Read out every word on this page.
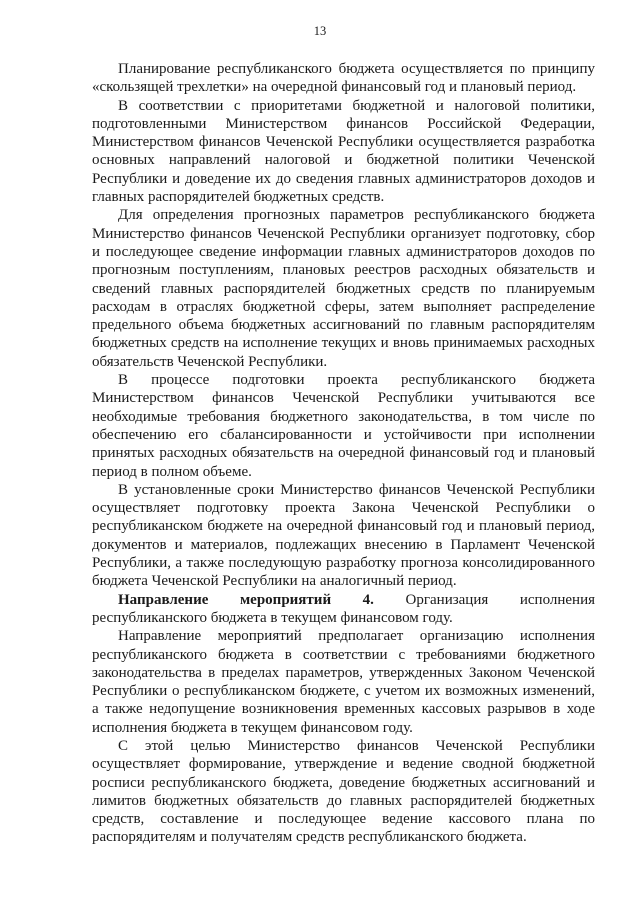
13

Планирование республиканского бюджета осуществляется по принципу «скользящей трехлетки» на очередной финансовый год и плановый период.

В соответствии с приоритетами бюджетной и налоговой политики, подготовленными Министерством финансов Российской Федерации, Министерством финансов Чеченской Республики осуществляется разработка основных направлений налоговой и бюджетной политики Чеченской Республики и доведение их до сведения главных администраторов доходов и главных распорядителей бюджетных средств.

Для определения прогнозных параметров республиканского бюджета Министерство финансов Чеченской Республики организует подготовку, сбор и последующее сведение информации главных администраторов доходов по прогнозным поступлениям, плановых реестров расходных обязательств и сведений главных распорядителей бюджетных средств по планируемым расходам в отраслях бюджетной сферы, затем выполняет распределение предельного объема бюджетных ассигнований по главным распорядителям бюджетных средств на исполнение текущих и вновь принимаемых расходных обязательств Чеченской Республики.

В процессе подготовки проекта республиканского бюджета Министерством финансов Чеченской Республики учитываются все необходимые требования бюджетного законодательства, в том числе по обеспечению его сбалансированности и устойчивости при исполнении принятых расходных обязательств на очередной финансовый год и плановый период в полном объеме.

В установленные сроки Министерство финансов Чеченской Республики осуществляет подготовку проекта Закона Чеченской Республики о республиканском бюджете на очередной финансовый год и плановый период, документов и материалов, подлежащих внесению в Парламент Чеченской Республики, а также последующую разработку прогноза консолидированного бюджета Чеченской Республики на аналогичный период.

Направление мероприятий 4. Организация исполнения республиканского бюджета в текущем финансовом году.

Направление мероприятий предполагает организацию исполнения республиканского бюджета в соответствии с требованиями бюджетного законодательства в пределах параметров, утвержденных Законом Чеченской Республики о республиканском бюджете, с учетом их возможных изменений, а также недопущение возникновения временных кассовых разрывов в ходе исполнения бюджета в текущем финансовом году.

С этой целью Министерство финансов Чеченской Республики осуществляет формирование, утверждение и ведение сводной бюджетной росписи республиканского бюджета, доведение бюджетных ассигнований и лимитов бюджетных обязательств до главных распорядителей бюджетных средств, составление и последующее ведение кассового плана по распорядителям и получателям средств республиканского бюджета.
